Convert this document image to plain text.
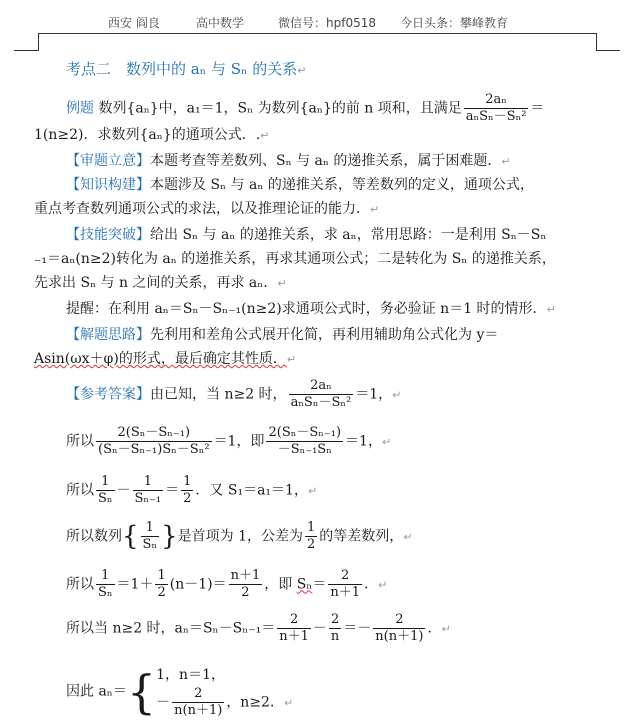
西安 阎良	高中数学	微信号：hpf0518 今日头条：攀峰教育
考点二　数列中的 aₙ 与 Sₙ 的关系↵
例题 数列{aₙ}中，a₁＝1，Sₙ 为数列{aₙ}的前 n 项和，且满足 $\frac{\text{2aₙ}}{\text{aₙSₙ－Sₙ²}}$ ＝
1(n≥2)．求数列{aₙ}的通项公式．.↵
【审题立意】本题考查等差数列、Sₙ 与 aₙ 的递推关系，属于困难题．↵
【知识构建】本题涉及 Sₙ 与 aₙ 的递推关系，等差数列的定义，通项公式，
重点考查数列通项公式的求法，以及推理论证的能力．↵
【技能突破】给出 Sₙ 与 aₙ 的递推关系，求 aₙ，常用思路：一是利用 Sₙ－Sₙ
₋₁＝aₙ(n≥2)转化为 aₙ 的递推关系，再求其通项公式；二是转化为 Sₙ 的递推关系，
先求出 Sₙ 与 n 之间的关系，再求 aₙ．↵
提醒：在利用 aₙ＝Sₙ－Sₙ₋₁(n≥2)求通项公式时，务必验证 n＝1 时的情形．↵
【解题思路】先利用和差角公式展开化简，再利用辅助角公式化为 y＝
Asin(ωx＋φ)的形式，最后确定其性质．↵
【参考答案】由已知，当 n≥2 时， $\frac{\text{2aₙ}}{\text{aₙSₙ－Sₙ²}} =1$，↵
所以 $\frac{\text{2(Sₙ－Sₙ₋₁)}}{\text{(Sₙ－Sₙ₋₁)Sₙ－Sₙ²}} =1$，即 $\frac{\text{2(Sₙ－Sₙ₋₁)}}{\text{－Sₙ₋₁Sₙ}} =1$，↵
所以 $\frac{1}{\text{Sₙ}} - \frac{1}{\text{Sₙ₋₁}} = \frac{1}{2}$ ．又 S₁＝a₁＝1，↵
所以数列{ $\frac{1}{\text{Sₙ}}$ }是首项为 1，公差为 $\frac{1}{2}$ 的等差数列，↵
所以 $\frac{1}{\text{Sₙ}} =1+ \frac{1}{2} (n-1)= \frac{n+1}{2}$ ，即 $S_n= \frac{2}{n+1}$ ．↵
所以当 n≥2 时，$a_n=S_n-S_{n-1}= \frac{2}{n+1} - \frac{2}{n} =- \frac{2}{n(n+1)}$ ．↵
因此 aₙ＝{ 1，n＝1，
－ $\frac{2}{n(n+1)}$ ，n≥2．↵
